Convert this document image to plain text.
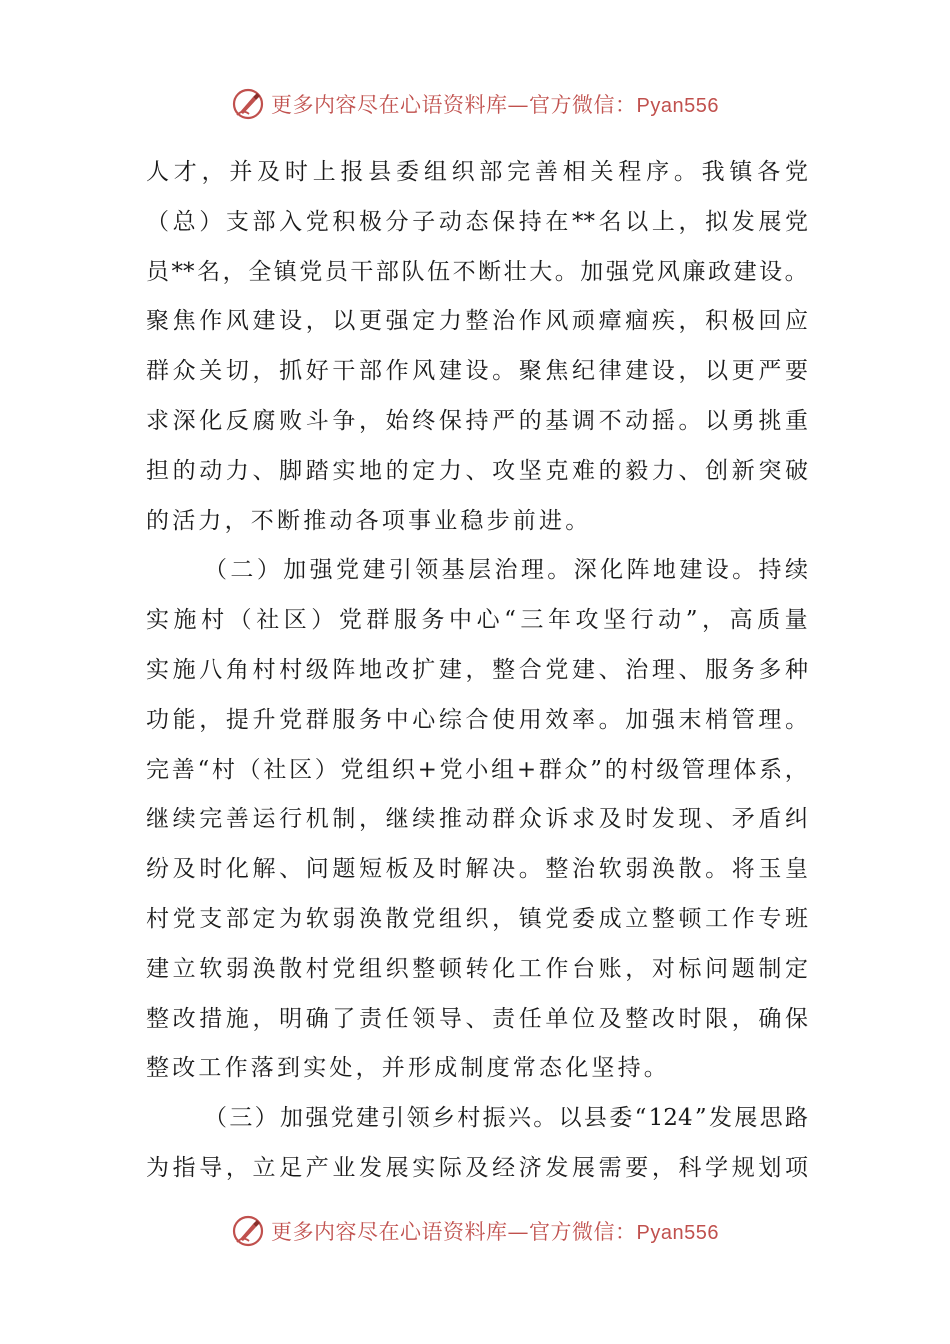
更多内容尽在心语资料库—官方微信：Pyan556
人 才 ， 并 及 时 上 报 县 委 组 织 部 完 善 相 关 程 序 。 我 镇 各 党
（ 总 ） 支 部 入 党 积 极 分 子 动 态 保 持 在 ** 名 以 上 ， 拟 发 展 党
员 ** 名 ， 全 镇 党 员 干 部 队 伍 不 断 壮 大 。 加 强 党 风 廉 政 建 设 。
聚 焦 作 风 建 设 ， 以 更 强 定 力 整 治 作 风 顽 瘴 痼 疾 ， 积 极 回 应
群 众 关 切 ， 抓 好 干 部 作 风 建 设 。 聚 焦 纪 律 建 设 ， 以 更 严 要
求 深 化 反 腐 败 斗 争 ， 始 终 保 持 严 的 基 调 不 动 摇 。 以 勇 挑 重
担 的 动 力 、 脚 踏 实 地 的 定 力 、 攻 坚 克 难 的 毅 力 、 创 新 突 破
的活力，不断推动各项事业稳步前进。
（ 二 ） 加 强 党 建 引 领 基 层 治 理 。 深 化 阵 地 建 设 。 持 续
实 施 村 （ 社 区 ） 党 群 服 务 中 心 “ 三 年 攻 坚 行 动 ” ， 高 质 量
实 施 八 角 村 村 级 阵 地 改 扩 建 ， 整 合 党 建 、 治 理 、 服 务 多 种
功 能 ， 提 升 党 群 服 务 中 心 综 合 使 用 效 率 。 加 强 末 梢 管 理 。
完 善 “ 村 （ 社 区 ） 党 组 织 + 党 小 组 + 群 众 ” 的 村 级 管 理 体 系 ，
继 续 完 善 运 行 机 制 ， 继 续 推 动 群 众 诉 求 及 时 发 现 、 矛 盾 纠
纷 及 时 化 解 、 问 题 短 板 及 时 解 决 。 整 治 软 弱 涣 散 。 将 玉 皇
村 党 支 部 定 为 软 弱 涣 散 党 组 织 ， 镇 党 委 成 立 整 顿 工 作 专 班
建 立 软 弱 涣 散 村 党 组 织 整 顿 转 化 工 作 台 账 ， 对 标 问 题 制 定
整 改 措 施 ， 明 确 了 责 任 领 导 、 责 任 单 位 及 整 改 时 限 ， 确 保
整改工作落到实处，并形成制度常态化坚持。
（ 三 ） 加 强 党 建 引 领 乡 村 振 兴 。 以 县 委 “ 124 ” 发 展 思 路
为 指 导 ， 立 足 产 业 发 展 实 际 及 经 济 发 展 需 要 ， 科 学 规 划 项
更多内容尽在心语资料库—官方微信：Pyan556
